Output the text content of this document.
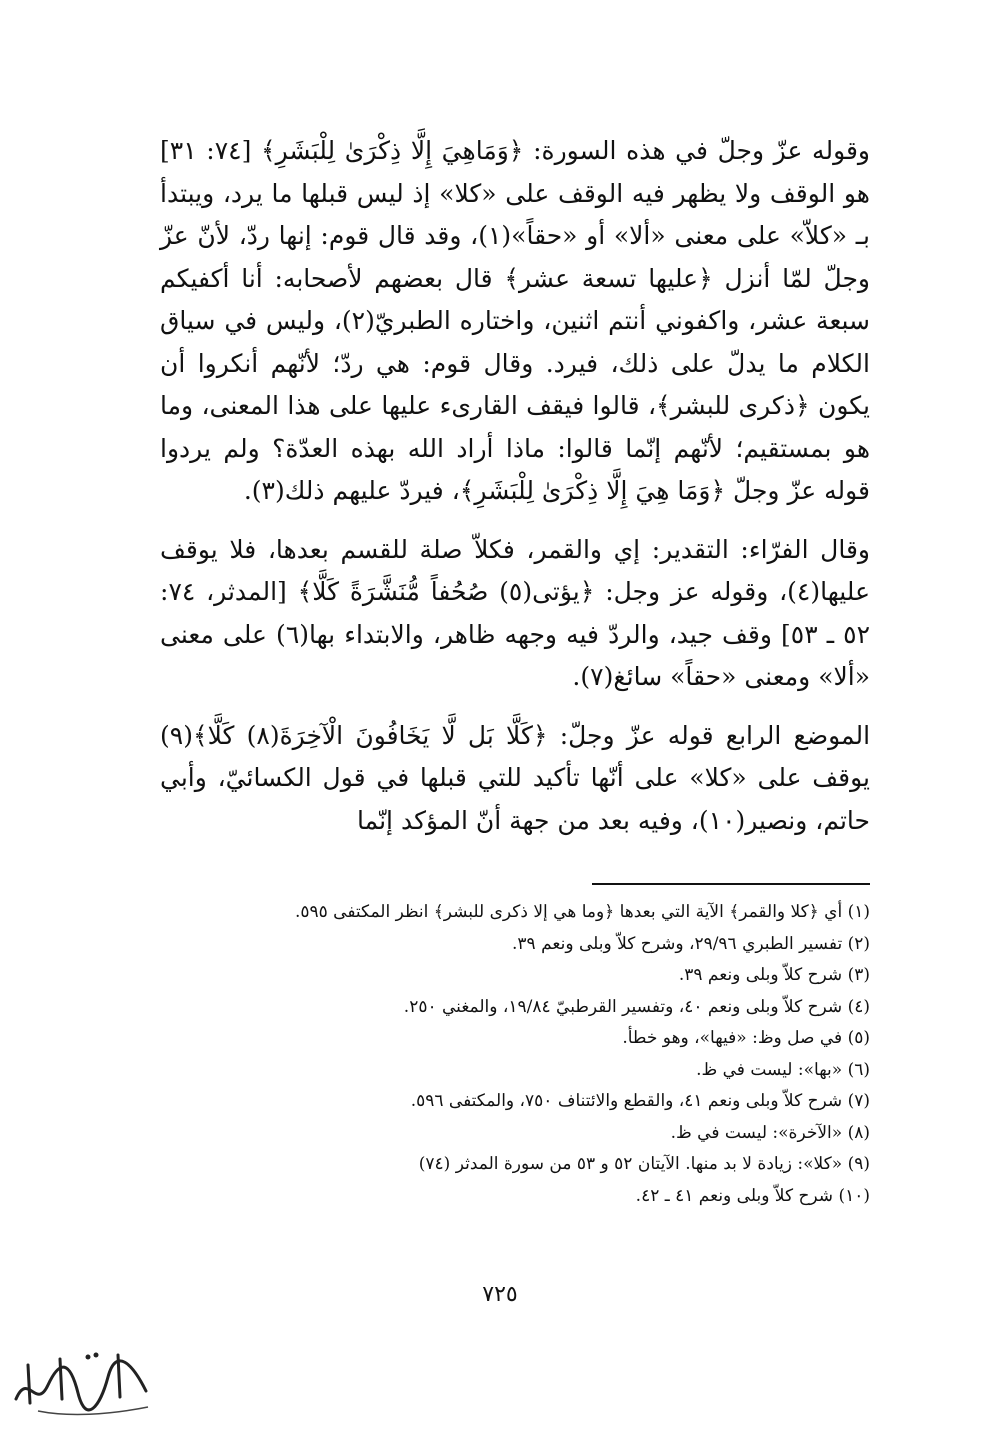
وقوله عزّ وجلّ في هذه السورة: ﴿وَمَاهِيَ إِلَّا ذِكْرَىٰ لِلْبَشَرِ﴾ [٧٤: ٣١] هو الوقف ولا يظهر فيه الوقف على «كلا» إذ ليس قبلها ما يرد، ويبتدأ بـ «كلاّ» على معنى «ألا» أو «حقاً»(١)، وقد قال قوم: إنها ردّ، لأنّ عزّ وجلّ لمّا أنزل ﴿عليها تسعة عشر﴾ قال بعضهم لأصحابه: أنا أكفيكم سبعة عشر، واكفوني أنتم اثنين، واختاره الطبريّ(٢)، وليس في سياق الكلام ما يدلّ على ذلك، فيرد. وقال قوم: هي ردّ؛ لأنّهم أنكروا أن يكون ﴿ذكرى للبشر﴾، قالوا فيقف القارىء عليها على هذا المعنى، وما هو بمستقيم؛ لأنّهم إنّما قالوا: ماذا أراد الله بهذه العدّة؟ ولم يردوا قوله عزّ وجلّ ﴿وَمَا هِيَ إِلَّا ذِكْرَىٰ لِلْبَشَرِ﴾، فيردّ عليهم ذلك(٣).

وقال الفرّاء: التقدير: إي والقمر، فكلاّ صلة للقسم بعدها، فلا يوقف عليها(٤)، وقوله عز وجل: ﴿يؤتى(٥) صُحُفاً مُّنَشَّرَةً كَلَّا﴾ [المدثر، ٧٤: ٥٢ ـ ٥٣] وقف جيد، والردّ فيه وجهه ظاهر، والابتداء بها(٦) على معنى «ألا» ومعنى «حقاً» سائغ(٧).

الموضع الرابع قوله عزّ وجلّ: ﴿كَلَّا بَل لَّا يَخَافُونَ الْآخِرَةَ(٨) كَلَّا﴾(٩) يوقف على «كلا» على أنّها تأكيد للتي قبلها في قول الكسائيّ، وأبي حاتم، ونصير(١٠)، وفيه بعد من جهة أنّ المؤكد إنّما

(١) أي ﴿كلا والقمر﴾ الآية التي بعدها ﴿وما هي إلا ذكرى للبشر﴾ انظر المكتفى ٥٩٥.
(٢) تفسير الطبري ٢٩/٩٦، وشرح كلاّ وبلى ونعم ٣٩.
(٣) شرح كلاّ وبلى ونعم ٣٩.
(٤) شرح كلاّ وبلى ونعم ٤٠، وتفسير القرطبيّ ١٩/٨٤، والمغني ٢٥٠.
(٥) في صل وظ: «فيها»، وهو خطأ.
(٦) «بها»: ليست في ظ.
(٧) شرح كلاّ وبلى ونعم ٤١، والقطع والائتناف ٧٥٠، والمكتفى ٥٩٦.
(٨) «الآخرة»: ليست في ظ.
(٩) «كلا»: زيادة لا بد منها. الآيتان ٥٢ و ٥٣ من سورة المدثر (٧٤)
(١٠) شرح كلاّ وبلى ونعم ٤١ ـ ٤٢.
٧٢٥
